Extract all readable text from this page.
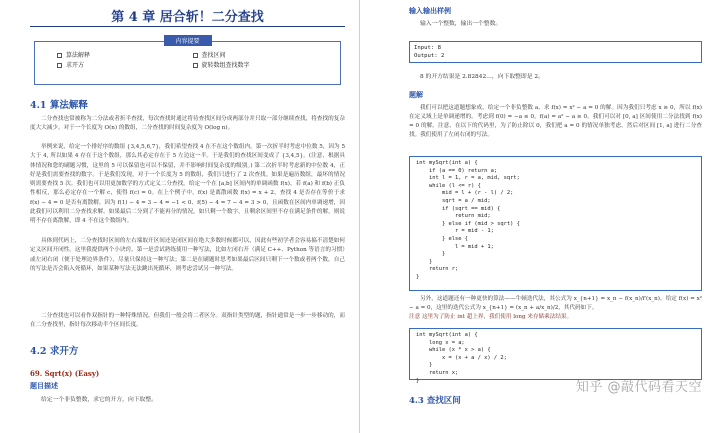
第 4 章 居合斩！二分查找
内容提要
算法解释	查找区间
求开方	旋转数组查找数字
4.1 算法解释
二分查找也常被称为二分法或者折半查找，每次查找时通过将待查找区间分成两部分并只取一部分继续查找，将查找的复杂度大大减少。对于一个长度为 O(n) 的数组，二分查找的时间复杂度为 O(log n)。
举例来说，给定一个排好序的数组 {3,4,5,6,7}，我们希望查找 4 在不在这个数组内。第一次折半时考虑中位数 5，因为 5 大于 4, 所以如果 4 存在于这个数组，那么其必定存在于 5 左边这一半。于是我们的查找区间变成了 {3,4,5}。(注意，根据具体情况和您的刷题习惯，这里的 5 可以保留也可以不保留，并不影响时间复杂度的级别。) 第二次折半时考虑新的中位数 4，正好是我们需要查找的数字。于是我们发现，对于一个长度为 5 的数组，我们只进行了 2 次查找。如果是遍历数组，最坏的情况则需要查找 5 次。我们也可以用更加数学的方式定义二分查找。给定一个在 [a,b] 区间内的单调函数 f(x)，若 f(a) 和 f(b) 正负性相反，那么必定存在一个解 c，使得 f(c) = 0。在上个例子中，f(x) 是离散函数 f(x) = x + 2，查找 4 是否存在等价于求 f(x) − 4 = 0 是否有离散解。因为 f(1) − 4 = 3 − 4 = −1 < 0、f(5) − 4 = 7 − 4 = 3 > 0，且函数在区间内单调递增，因此我们可以利用二分查找求解。如果最后二分到了不能再分的情况，如只剩一个数字，且剩余区间里不存在满足条件的解，则说明不存在离散解，即 4 不在这个数组内。
具体到代码上，二分查找时区间的左右端取开区间还是闭区间在绝大多数时候都可以，因此有些初学者会容易搞不清楚如何定义区间开闭性。这里我提供两个小诀窍，第一是尝试熟练使用一种写法，比如左闭右开（满足 C++、Python 等语言的习惯）或左闭右闭（便于处理边界条件），尽量只保持这一种写法；第二是在刷题时思考如果最后区间只剩下一个数或者两个数，自己的写法是否会陷入死循环，如果某种写法无法跳出死循环，则考虑尝试另一种写法。
二分查找也可以看作双指针的一种特殊情况，但我们一般会将二者区分。双指针类型的题，指针通常是一步一步移动的，而在二分查找里，指针每次移动半个区间长度。
4.2 求开方
69. Sqrt(x) (Easy)
题目描述
给定一个非负整数，求它的开方，向下取整。
输入输出样例
输入一个整数，输出一个整数。
Input: 8
Output: 2
8 的开方结果是 2.82842…，向下取整即是 2。
题解
我们可以把这道题想象成，给定一个非负整数 a，求 f(x) = x² − a = 0 的解。因为我们只考虑 x ≥ 0，所以 f(x) 在定义域上是单调递增的。考虑到 f(0) = −a ≤ 0，f(a) = a² − a ≥ 0，我们可以对 [0, a] 区间使用二分法找到 f(x) = 0 的解。注意，在以下的代码里，为了防止除以 0，我们把 a = 0 的情况单独考虑，然后对区间 [1, a] 进行二分查找。我们使用了左闭右闭的写法。
int mySqrt(int a) {
if (a == 0) return a;
int l = 1, r = a, mid, sqrt;
while (l <= r) {
mid = l + (r - l) / 2;
sqrt = a / mid;
if (sqrt == mid) {
return mid;
} else if (mid > sqrt) {
r = mid - 1;
} else {
l = mid + 1;
}
}
return r;
}
另外，这道题还有一种更快的算法——牛顿迭代法，其公式为 x_{n+1} = x_n − f(x_n)/f′(x_n)。给定 f(x) = x² − a = 0，这里的迭代公式为 x_{n+1} = (x_n + a/x_n)/2，其代码如下。
注意 这里为了防止 int 超上界，我们使用 long 来存储乘法结果。
int mySqrt(int a) {
long x = a;
while (x * x > a) {
x = (x + a / x) / 2;
}
return x;
}
4.3 查找区间
知乎 @敲代码看天空
